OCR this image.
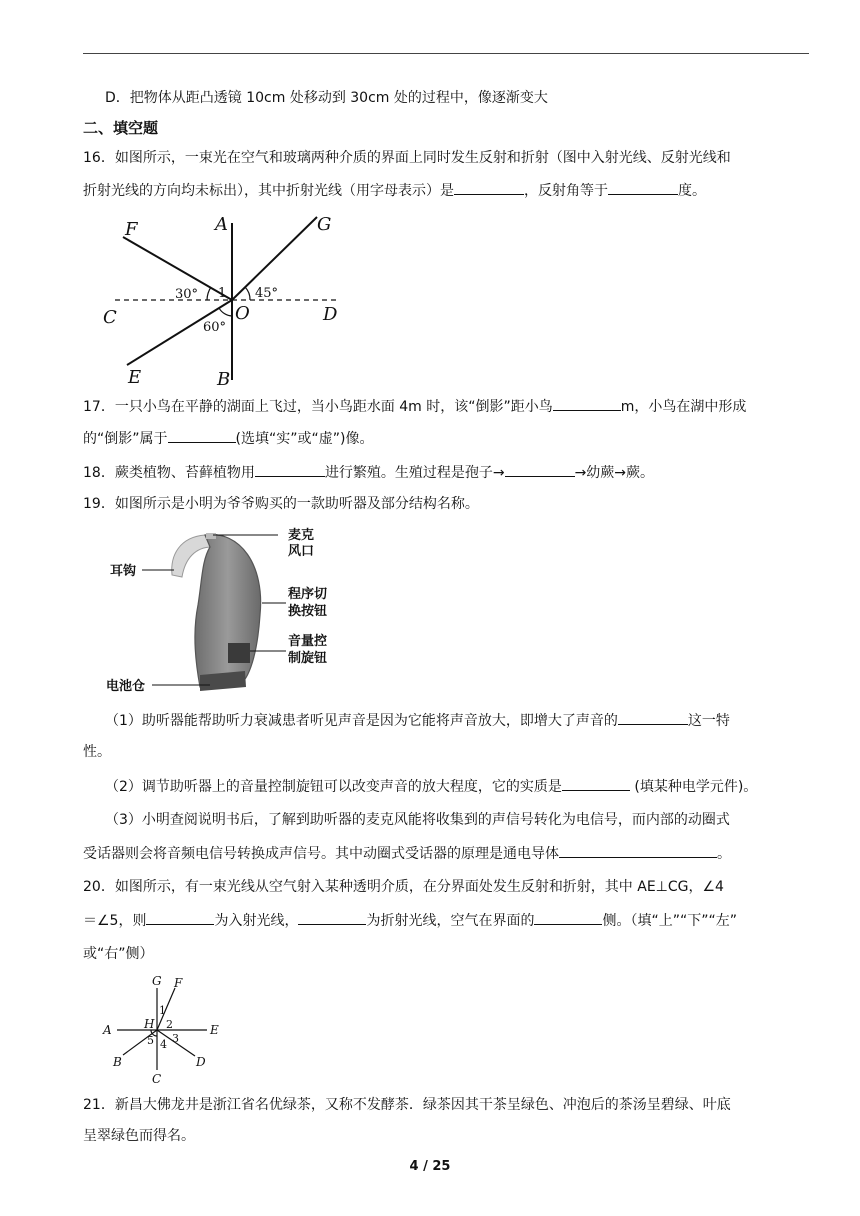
D．把物体从距凸透镜 10cm 处移动到 30cm 处的过程中，像逐渐变大
二、填空题
16．如图所示，一束光在空气和玻璃两种介质的界面上同时发生反射和折射（图中入射光线、反射光线和
折射光线的方向均未标出），其中折射光线（用字母表示）是	，反射角等于	度。
F	A	G
C	D
O
E	B
30° 1 45°
60°
17．一只小鸟在平静的湖面上飞过，当小鸟距水面 4m 时，该“倒影”距小鸟	m，小鸟在湖中形成
的“倒影”属于	(选填“实”或“虚”)像。
18．蕨类植物、苔藓植物用	进行繁殖。生殖过程是孢子→	→幼蕨→蕨。
19．如图所示是小明为爷爷购买的一款助听器及部分结构名称。
麦克
风口
耳钩
程序切
换按钮
音量控
制旋钮
电池仓
（1）助听器能帮助听力衰减患者听见声音是因为它能将声音放大，即增大了声音的	这一特
性。
（2）调节助听器上的音量控制旋钮可以改变声音的放大程度，它的实质是	(填某种电学元件)。
（3）小明查阅说明书后，了解到助听器的麦克风能将收集到的声信号转化为电信号，而内部的动圈式
受话器则会将音频电信号转换成声信号。其中动圈式受话器的原理是通电导体	。
20．如图所示，有一束光线从空气射入某种透明介质，在分界面处发生反射和折射，其中 AE⊥CG，∠4
＝∠5，则	为入射光线，	为折射光线，空气在界面的	侧。（填“上”“下”“左”
或“右”侧）
G F
A	E
H
B	D
C
1
2
3
4
5
21．新昌大佛龙井是浙江省名优绿茶，又称不发酵茶．绿茶因其干茶呈绿色、冲泡后的茶汤呈碧绿、叶底
呈翠绿色而得名。
4 / 25
